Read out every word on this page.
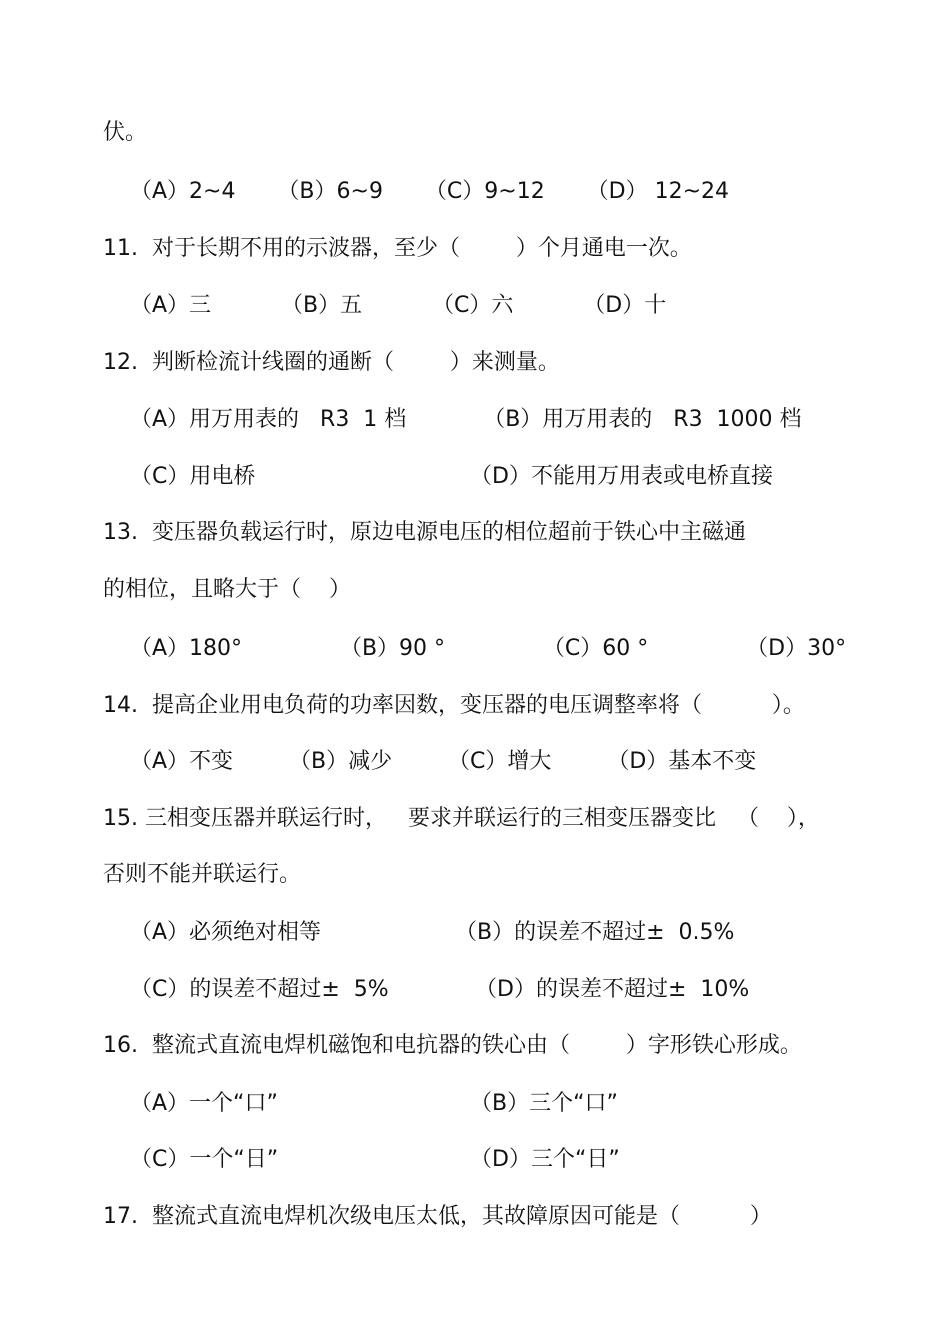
伏。
（A）2~4      （B）6~9      （C）9~12      （D） 12~24
11.  对于长期不用的示波器，至少（        ）个月通电一次。
（A）三          （B）五          （C）六          （D）十
12.  判断检流计线圈的通断（        ）来测量。
（A）用万用表的   R3  1 档           （B）用万用表的   R3  1000 档
（C）用电桥	（D）不能用万用表或电桥直接
13.  变压器负载运行时，原边电源电压的相位超前于铁心中主磁通
的相位，且略大于（    ）
（A）180°              （B）90 °              （C）60 °              （D）30°
14.  提高企业用电负荷的功率因数，变压器的电压调整率将（          ）。
（A）不变        （B）减少        （C）增大        （D）基本不变
15. 三相变压器并联运行时，   要求并联运行的三相变压器变比   （    ），
否则不能并联运行。
（A）必须绝对相等	（B）的误差不超过±  0.5%
（C）的误差不超过±  5%	（D）的误差不超过±  10%
16.  整流式直流电焊机磁饱和电抗器的铁心由（        ）字形铁心形成。
（A）一个“口”	（B）三个“口”
（C）一个“日”	（D）三个“日”
17.  整流式直流电焊机次级电压太低，其故障原因可能是（          ）
